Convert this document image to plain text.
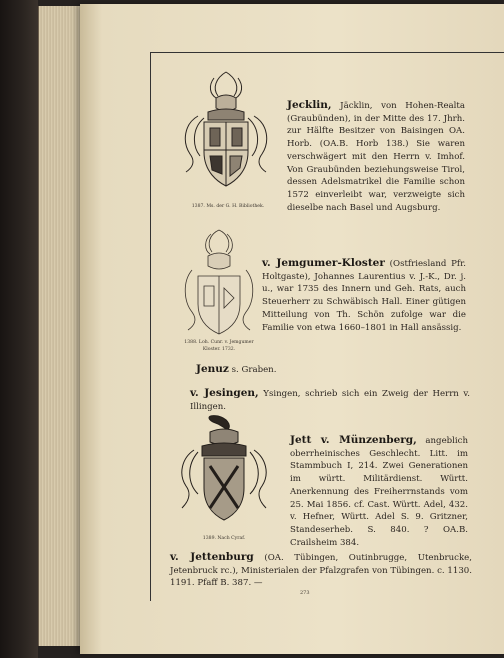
1387. Ms. der G. H. Bibliothek.
Jecklin, Jäcklin, von Hohen-Realta (Graubünden), in der Mitte des 17. Jhrh. zur Hälfte Besitzer von Baisingen OA. Horb. (OA.B. Horb 138.) Sie waren verschwägert mit den Herrn v. Imhof. Von Graubünden beziehungsweise Tirol, dessen Adelsmatrikel die Familie schon 1572 einverleibt war, verzweigte sich dieselbe nach Basel und Augsburg.
1388. Loh. Cunr. v. Jemgumer
Kloster. 1732.
v. Jemgumer-Kloster (Ostfriesland Pfr. Holtgaste), Johannes Laurentius v. J.-K., Dr. j. u., war 1735 des Innern und Geh. Rats, auch Steuerherr zu Schwäbisch Hall. Einer gütigen Mitteilung von Th. Schön zufolge war die Familie von etwa 1660–1801 in Hall ansässig.
Jenuz s. Graben.
v. Jesingen, Ysingen, schrieb sich ein Zweig der Herrn v. Illingen.
1389. Nach Cyraf.
Jett v. Münzenberg, angeblich oberrheinisches Geschlecht. Litt. im Stammbuch I, 214. Zwei Generationen im württ. Militärdienst. Württ. Anerkennung des Freiherrnstands vom 25. Mai 1856. cf. Cast. Württ. Adel, 432. v. Hefner, Württ. Adel S. 9. Gritzner, Standeserheb. S. 840. ? OA.B. Crailsheim 384.
v. Jettenburg (OA. Tübingen, Outinbrugge, Utenbrucke, Jetenbruck rc.), Ministerialen der Pfalzgrafen von Tübingen. c. 1130. 1191. Pfaff B. 387. —
273
